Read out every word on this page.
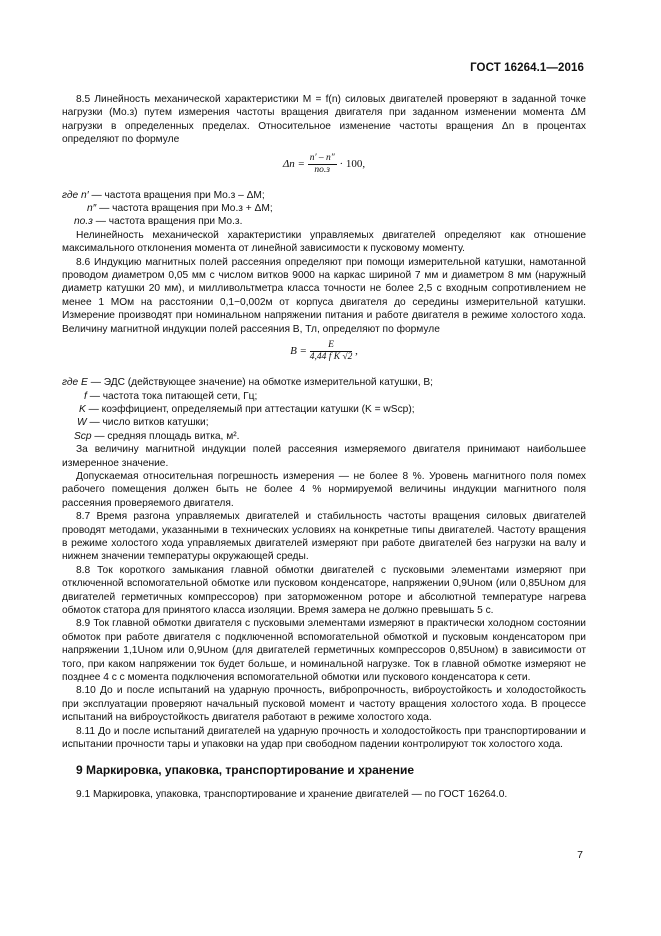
ГОСТ 16264.1—2016

8.5 Линейность механической характеристики M = f(n) силовых двигателей проверяют в заданной точке нагрузки (Mо.з) путем измерения частоты вращения двигателя при заданном изменении момента ΔM нагрузки в определенных пределах. Относительное изменение частоты вращения Δn в процентах определяют по формуле

$\Delta n = \frac{n' - n''}{nо.з} \cdot 100$,
где n′
— частота вращения при Mо.з – ΔM;
n″
— частота вращения при Mо.з + ΔM;
nо.з
— частота вращения при Mо.з.

Нелинейность механической характеристики управляемых двигателей определяют как отношение максимального отклонения момента от линейной зависимости к пусковому моменту.

8.6 Индукцию магнитных полей рассеяния определяют при помощи измерительной катушки, намотанной проводом диаметром 0,05 мм с числом витков 9000 на каркас шириной 7 мм и диаметром 8 мм (наружный диаметр катушки 20 мм), и милливольтметра класса точности не более 2,5 с входным сопротивлением не менее 1 МОм на расстоянии 0,1−0,002м от корпуса двигателя до середины измерительной катушки. Измерение производят при номинальном напряжении питания и работе двигателя в режиме холостого хода. Величину магнитной индукции полей рассеяния B, Тл, определяют по формуле

$B = \frac{E}{\text{4,44 f K √2}}$ ,
где E
— ЭДС (действующее значение) на обмотке измерительной катушки, В;
f
— частота тока питающей сети, Гц;
K
— коэффициент, определяемый при аттестации катушки (K = wSср);
W
— число витков катушки;
Sср
— средняя площадь витка, м².

За величину магнитной индукции полей рассеяния измеряемого двигателя принимают наибольшее измеренное значение.

Допускаемая относительная погрешность измерения — не более 8 %. Уровень магнитного поля помех рабочего помещения должен быть не более 4 % нормируемой величины индукции магнитного поля рассеяния проверяемого двигателя.

8.7 Время разгона управляемых двигателей и стабильность частоты вращения силовых двигателей проводят методами, указанными в технических условиях на конкретные типы двигателей. Частоту вращения в режиме холостого хода управляемых двигателей измеряют при работе двигателей без нагрузки на валу и нижнем значении температуры окружающей среды.

8.8 Ток короткого замыкания главной обмотки двигателей с пусковыми элементами измеряют при отключенной вспомогательной обмотке или пусковом конденсаторе, напряжении 0,9Uном (или 0,85Uном для двигателей герметичных компрессоров) при заторможенном роторе и абсолютной температуре нагрева обмоток статора для принятого класса изоляции. Время замера не должно превышать 5 с.

8.9 Ток главной обмотки двигателя с пусковыми элементами измеряют в практически холодном состоянии обмоток при работе двигателя с подключенной вспомогательной обмоткой и пусковым конденсатором при напряжении 1,1Uном или 0,9Uном (для двигателей герметичных компрессоров 0,85Uном) в зависимости от того, при каком напряжении ток будет больше, и номинальной нагрузке. Ток в главной обмотке измеряют не позднее 4 с с момента подключения вспомогательной обмотки или пускового конденсатора к сети.

8.10 До и после испытаний на ударную прочность, вибропрочность, виброустойкость и холодостойкость при эксплуатации проверяют начальный пусковой момент и частоту вращения холостого хода. В процессе испытаний на виброустойкость двигателя работают в режиме холостого хода.

8.11 До и после испытаний двигателей на ударную прочность и холодостойкость при транспортировании и испытании прочности тары и упаковки на удар при свободном падении контролируют ток холостого хода.

9 Маркировка, упаковка, транспортирование и хранение

9.1 Маркировка, упаковка, транспортирование и хранение двигателей — по ГОСТ 16264.0.

7
